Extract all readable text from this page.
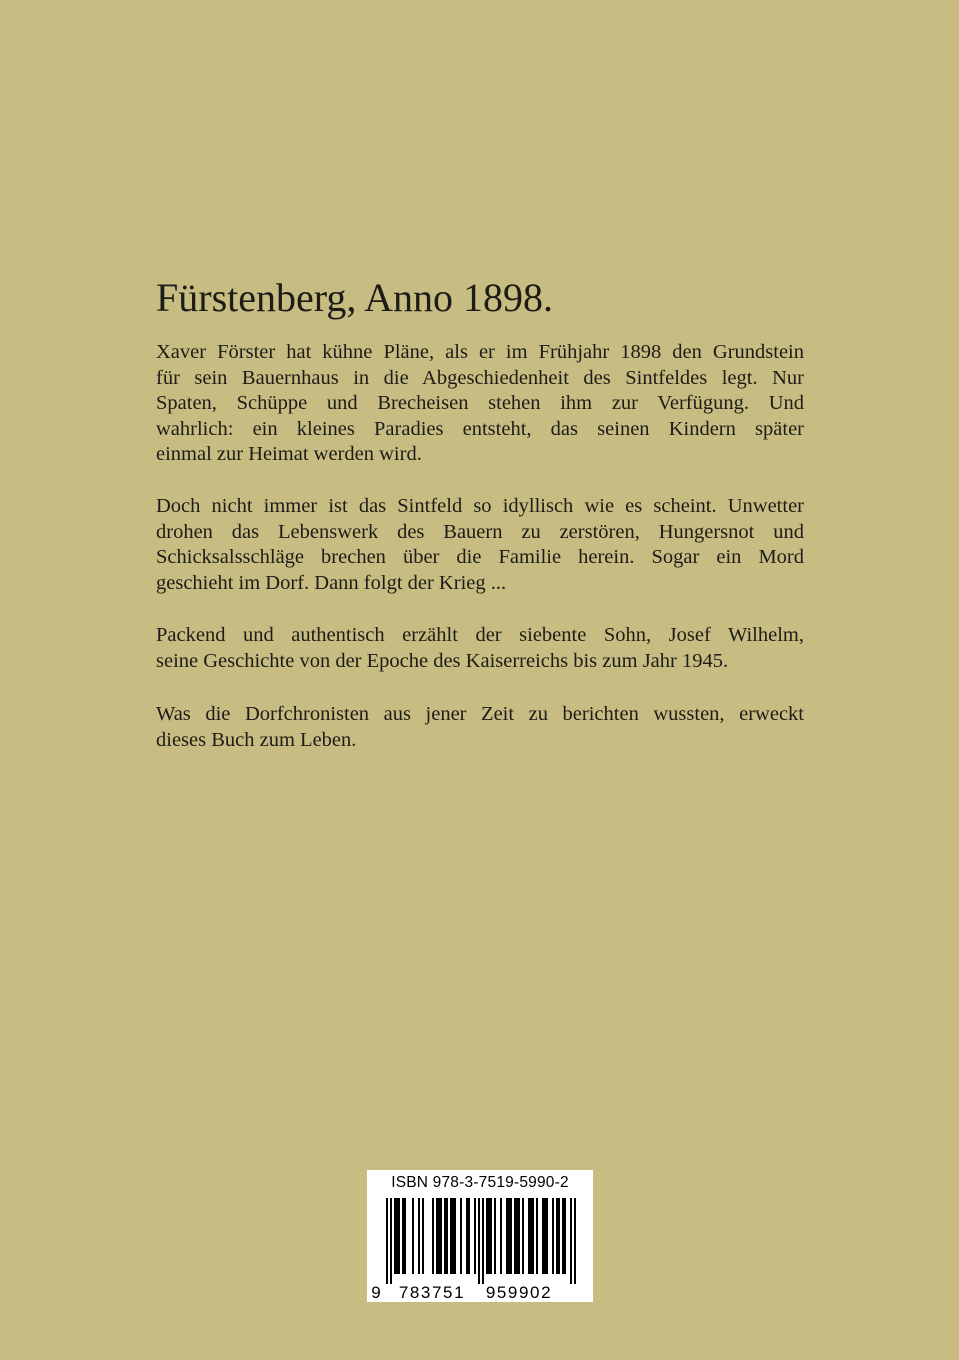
Fürstenberg, Anno 1898.
Xaver Förster hat kühne Pläne, als er im Frühjahr 1898 den Grundstein
für sein Bauernhaus in die Abgeschiedenheit des Sintfeldes legt. Nur
Spaten, Schüppe und Brecheisen stehen ihm zur Verfügung. Und
wahrlich: ein kleines Paradies entsteht, das seinen Kindern später
einmal zur Heimat werden wird.
Doch nicht immer ist das Sintfeld so idyllisch wie es scheint. Unwetter
drohen das Lebenswerk des Bauern zu zerstören, Hungersnot und
Schicksalsschläge brechen über die Familie herein. Sogar ein Mord
geschieht im Dorf. Dann folgt der Krieg ...
Packend und authentisch erzählt der siebente Sohn, Josef Wilhelm,
seine Geschichte von der Epoche des Kaiserreichs bis zum Jahr 1945.
Was die Dorfchronisten aus jener Zeit zu berichten wussten, erweckt
dieses Buch zum Leben.
ISBN 978-3-7519-5990-2
9 783751 959902
